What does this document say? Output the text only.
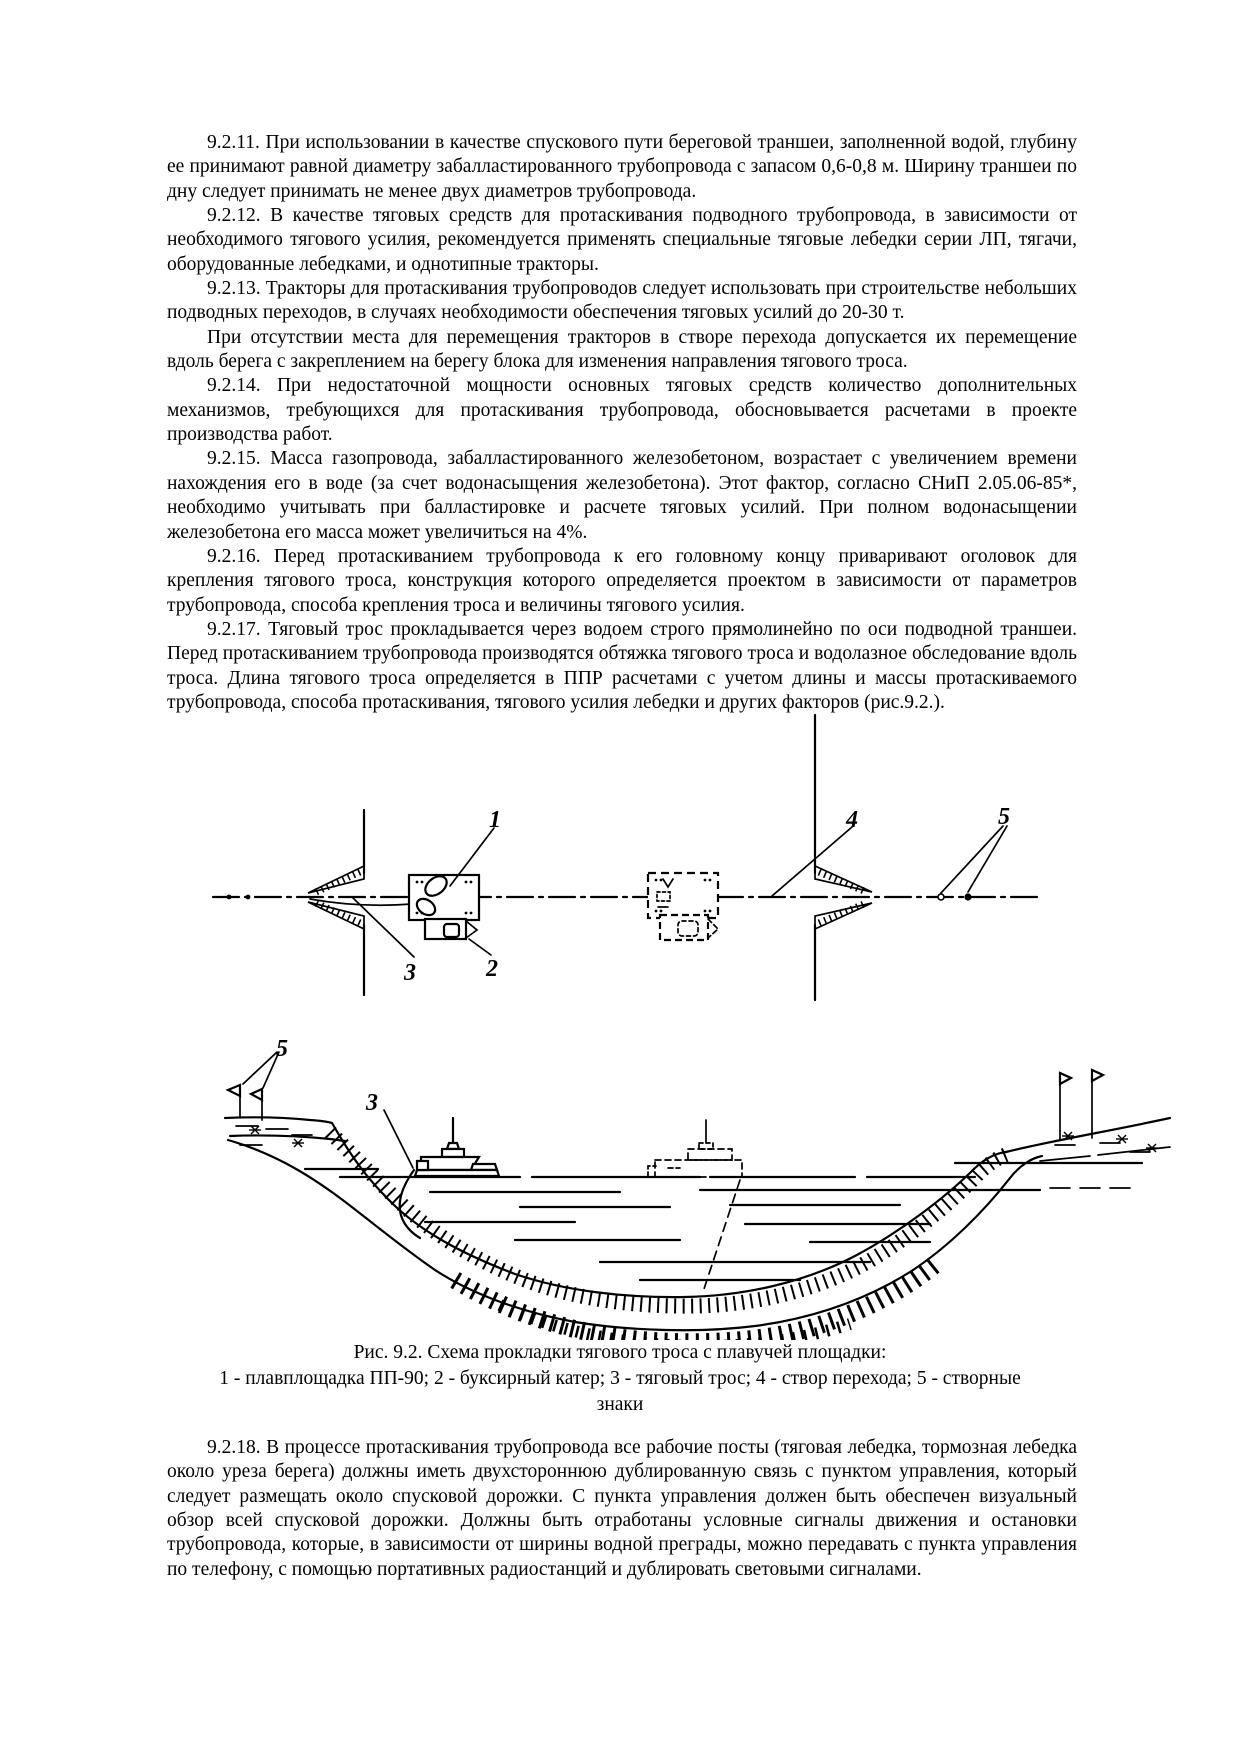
9.2.11. При использовании в качестве спускового пути береговой траншеи, заполненной водой, глубину ее принимают равной диаметру забалластированного трубопровода с запасом 0,6-0,8 м. Ширину траншеи по дну следует принимать не менее двух диаметров трубопровода.

9.2.12. В качестве тяговых средств для протаскивания подводного трубопровода, в зависимости от необходимого тягового усилия, рекомендуется применять специальные тяговые лебедки серии ЛП, тягачи, оборудованные лебедками, и однотипные тракторы.

9.2.13. Тракторы для протаскивания трубопроводов следует использовать при строительстве небольших подводных переходов, в случаях необходимости обеспечения тяговых усилий до 20-30 т.

При отсутствии места для перемещения тракторов в створе перехода допускается их перемещение вдоль берега с закреплением на берегу блока для изменения направления тягового троса.

9.2.14. При недостаточной мощности основных тяговых средств количество дополнительных механизмов, требующихся для протаскивания трубопровода, обосновывается расчетами в проекте производства работ.

9.2.15. Масса газопровода, забалластированного железобетоном, возрастает с увеличением времени нахождения его в воде (за счет водонасыщения железобетона). Этот фактор, согласно СНиП 2.05.06-85*, необходимо учитывать при балластировке и расчете тяговых усилий. При полном водонасыщении железобетона его масса может увеличиться на 4%.

9.2.16. Перед протаскиванием трубопровода к его головному концу приваривают оголовок для крепления тягового троса, конструкция которого определяется проектом в зависимости от параметров трубопровода, способа крепления троса и величины тягового усилия.

9.2.17. Тяговый трос прокладывается через водоем строго прямолинейно по оси подводной траншеи. Перед протаскиванием трубопровода производятся обтяжка тягового троса и водолазное обследование вдоль троса. Длина тягового троса определяется в ППР расчетами с учетом длины и массы протаскиваемого трубопровода, способа протаскивания, тягового усилия лебедки и других факторов (рис.9.2.).

1
2
3
4	5
5
3
Рис. 9.2. Схема прокладки тягового троса с плавучей площадки:
1 - плавплощадка ПП-90; 2 - буксирный катер; 3 - тяговый трос; 4 - створ перехода; 5 - створные
знаки

9.2.18. В процессе протаскивания трубопровода все рабочие посты (тяговая лебедка, тормозная лебедка около уреза берега) должны иметь двухстороннюю дублированную связь с пунктом управления, который следует размещать около спусковой дорожки. С пункта управления должен быть обеспечен визуальный обзор всей спусковой дорожки. Должны быть отработаны условные сигналы движения и остановки трубопровода, которые, в зависимости от ширины водной преграды, можно передавать с пункта управления по телефону, с помощью портативных радиостанций и дублировать световыми сигналами.
